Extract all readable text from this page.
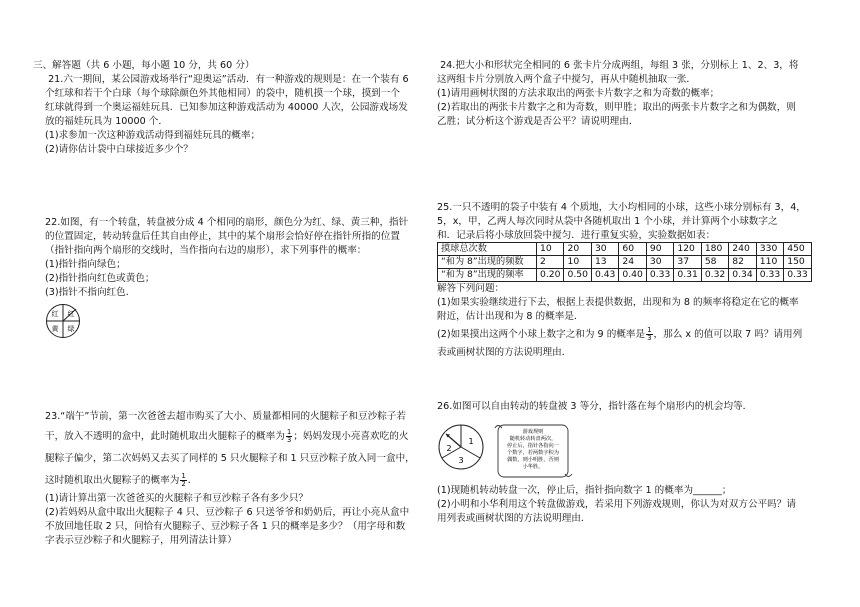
三、解答题（共 6 小题，每小题 10 分，共 60 分）

21.六一期间，某公园游戏场举行“迎奥运”活动．有一种游戏的规则是：在一个装有 6

个红球和若干个白球（每个球除颜色外其他相同）的袋中，随机摸一个球，摸到一个

红球就得到一个奥运福娃玩具．已知参加这种游戏活动为 40000 人次，公园游戏场发

放的福娃玩具为 10000 个．

(1)求参加一次这种游戏活动得到福娃玩具的概率；

(2)请你估计袋中白球接近多少个？

22.如图，有一个转盘，转盘被分成 4 个相同的扇形，颜色分为红、绿、黄三种，指针

的位置固定，转动转盘后任其自由停止，其中的某个扇形会恰好停在指针所指的位置

（指针指向两个扇形的交线时，当作指向右边的扇形），求下列事件的概率：

(1)指针指向绿色；

(2)指针指向红色或黄色；

(3)指针不指向红色．

红 红
黄 绿

23.“端午”节前，第一次爸爸去超市购买了大小、质量都相同的火腿粽子和豆沙粽子若

干，放入不透明的盒中，此时随机取出火腿粽子的概率为 $\frac{1}{3}$ ；妈妈发现小亮喜欢吃的火

腿粽子偏少，第二次妈妈又去买了同样的 5 只火腿粽子和 1 只豆沙粽子放入同一盒中，

这时随机取出火腿粽子的概率为 $\frac{1}{2}$ ．

(1)请计算出第一次爸爸买的火腿粽子和豆沙粽子各有多少只？

(2)若妈妈从盒中取出火腿粽子 4 只、豆沙粽子 6 只送爷爷和奶奶后，再让小亮从盒中

不放回地任取 2 只，问恰有火腿粽子、豆沙粽子各 1 只的概率是多少？（用字母和数

字表示豆沙粽子和火腿粽子，用列清法计算）

24.把大小和形状完全相同的 6 张卡片分成两组，每组 3 张，分别标上 1、2、3，将

这两组卡片分别放入两个盒子中搅匀，再从中随机抽取一张．

(1)请用画树状图的方法求取出的两张卡片数字之和为奇数的概率；

(2)若取出的两张卡片数字之和为奇数，则甲胜；取出的两张卡片数字之和为偶数，则

乙胜；试分析这个游戏是否公平？请说明理由．

25.一只不透明的袋子中装有 4 个质地，大小均相同的小球，这些小球分别标有 3，4，

5，x，甲，乙两人每次同时从袋中各随机取出 1 个小球，并计算两个小球数字之

和．记录后将小球放回袋中搅匀．进行重复实验，实验数据如表：

摸球总次数	10	20	30	60	90	120	180	240	330	450
“和为 8”出现的频数	2	10	13	24	30	37	58	82	110	150
“和为 8”出现的频率	0.20	0.50	0.43	0.40	0.33	0.31	0.32	0.34	0.33	0.33

解答下列问题：

(1)如果实验继续进行下去，根据上表提供数据，出现和为 8 的频率将稳定在它的概率

附近，估计出现和为 8 的概率是．

(2)如果摸出这两个小球上数字之和为 9 的概率是 $\frac{1}{3}$ ，那么 x 的值可以取 7 吗？请用列

表或画树状图的方法说明理由．

26.如图可以自由转动的转盘被 3 等分，指针落在每个扇形内的机会均等．

1
2
3
游戏规则
随机转动转盘两次，
停止后，指针各指向一
个数字，若两数字积为
偶数，则小明胜，否则
小华胜。

(1)现随机转动转盘一次，停止后，指针指向数字 1 的概率为______；

(2)小明和小华利用这个转盘做游戏，若采用下列游戏规则，你认为对双方公平吗？请

用列表或画树状图的方法说明理由．
